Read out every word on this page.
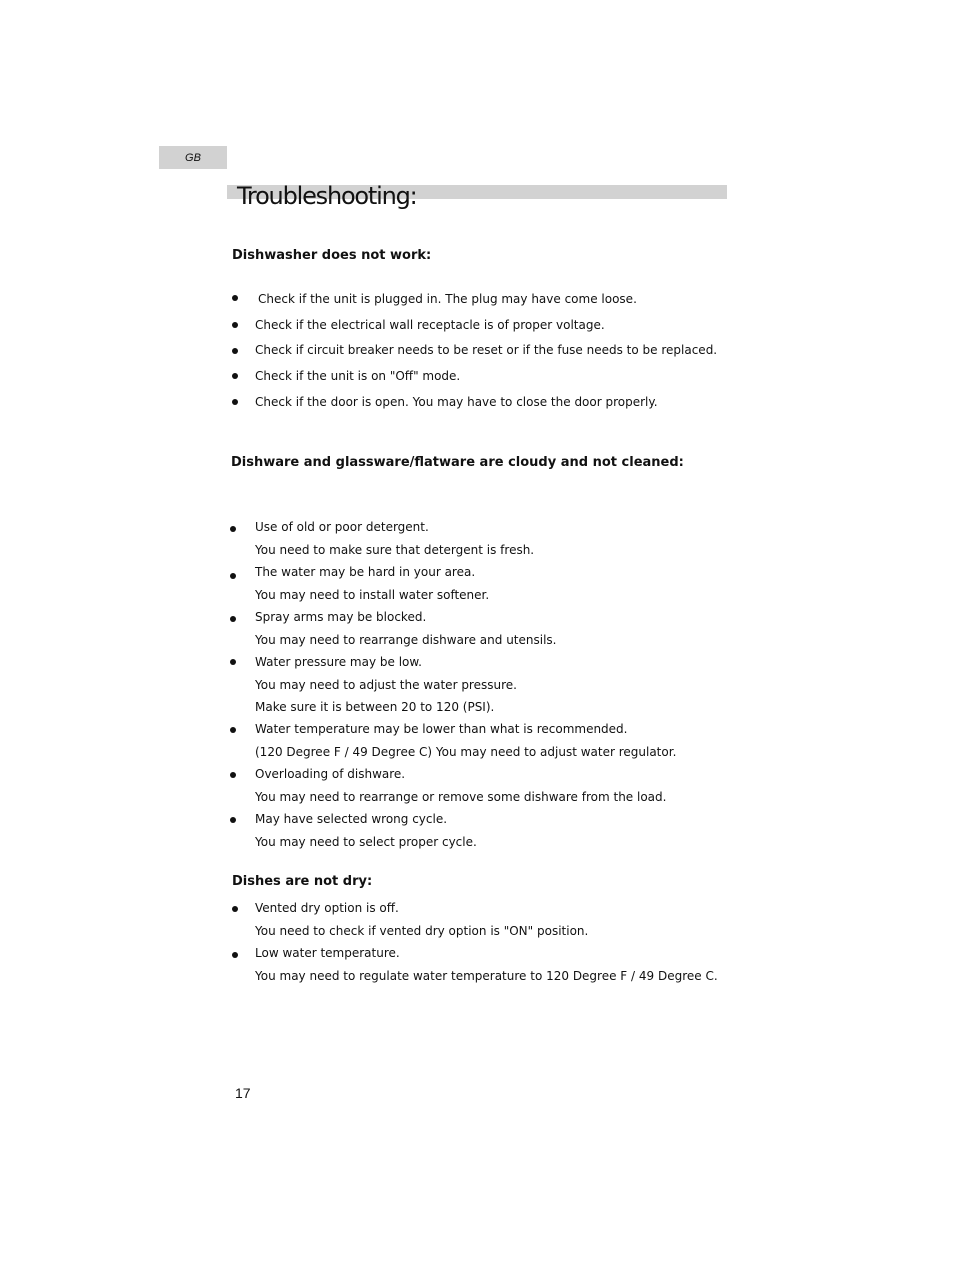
GB
Troubleshooting:
Dishwasher does not work:
Check if the unit is plugged in. The plug may have come loose.
Check if the electrical wall receptacle is of proper voltage.
Check if circuit breaker needs to be reset or if the fuse needs to be replaced.
Check if the unit is on "Off" mode.
Check if the door is open. You may have to close the door properly.
Dishware and glassware/flatware are cloudy and not cleaned:
Use of old or poor detergent.
You need to make sure that detergent is fresh.
The water may be hard in your area.
You may need to install water softener.
Spray arms may be blocked.
You may need to rearrange dishware and utensils.
Water pressure may be low.
You may need to adjust the water pressure.
Make sure it is between 20 to 120 (PSI).
Water temperature may be lower than what is recommended.
(120 Degree F / 49 Degree C) You may need to adjust water regulator.
Overloading of dishware.
You may need to rearrange or remove some dishware from the load.
May have selected wrong cycle.
You may need to select proper cycle.
Dishes are not dry:
Vented dry option is off.
You need to check if vented dry option is "ON" position.
Low water temperature.
You may need to regulate water temperature to 120 Degree F / 49 Degree C.
17
